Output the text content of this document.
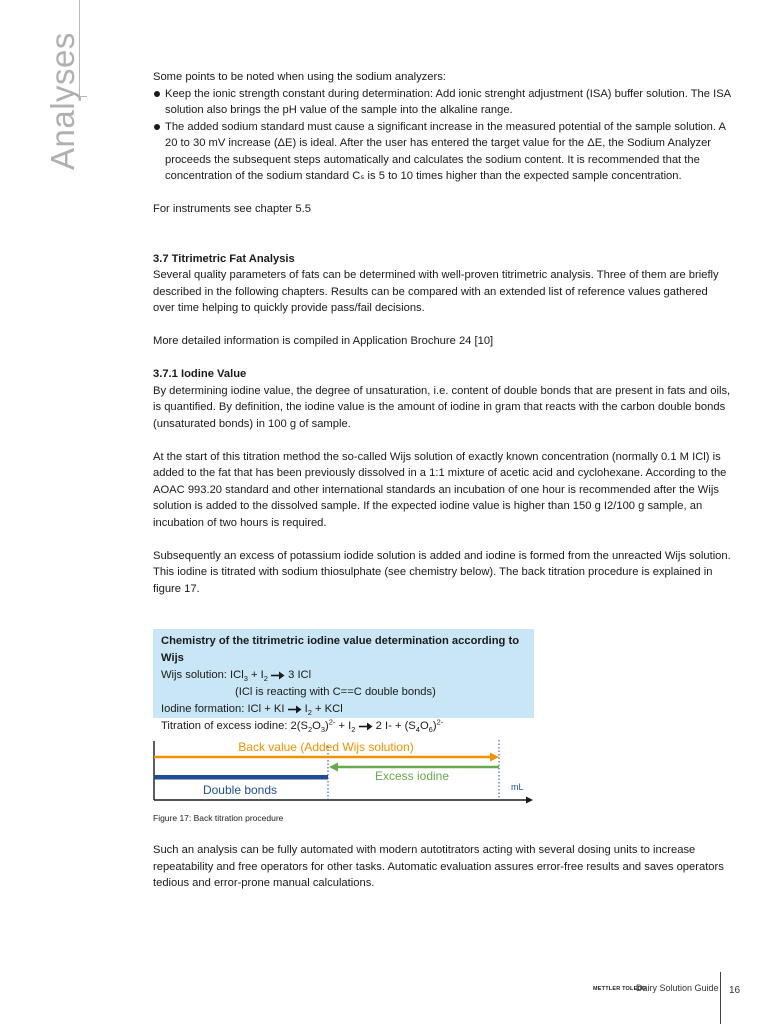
Analyses	Some points to be noted when using the sodium analyzers:

Keep the ionic strength constant during determination: Add ionic strenght adjustment (ISA) buffer solution. The ISA solution also brings the pH value of the sample into the alkaline range.
The added sodium standard must cause a significant increase in the measured potential of the sample solution. A 20 to 30 mV increase (ΔE) is ideal. After the user has entered the target value for the ΔE, the Sodium Analyzer proceeds the subsequent steps automatically and calculates the sodium content. It is recommended that the concentration of the sodium standard Cₛ is 5 to 10 times higher than the expected sample concentration.

For instruments see chapter 5.5

3.7 Titrimetric Fat Analysis

Several quality parameters of fats can be determined with well-proven titrimetric analysis. Three of them are briefly described in the following chapters. Results can be compared with an extended list of reference values gathered over time helping to quickly provide pass/fail decisions.

More detailed information is compiled in Application Brochure 24 [10]

3.7.1 Iodine Value

By determining iodine value, the degree of unsaturation, i.e. content of double bonds that are present in fats and oils, is quantified. By definition, the iodine value is the amount of iodine in gram that reacts with the carbon double bonds (unsaturated bonds) in 100 g of sample.

At the start of this titration method the so-called Wijs solution of exactly known concentration (normally 0.1 M ICl) is added to the fat that has been previously dissolved in a 1:1 mixture of acetic acid and cyclohexane. According to the AOAC 993.20 standard and other international standards an incubation of one hour is recommended after the Wijs solution is added to the dissolved sample. If the expected iodine value is higher than 150 g I2/100 g sample, an incubation of two hours is required.

Subsequently an excess of potassium iodide solution is added and iodine is formed from the unreacted Wijs solution. This iodine is titrated with sodium thiosulphate (see chemistry below). The back titration procedure is explained in figure 17.

Chemistry of the titrimetric iodine value determination according to Wijs
Wijs solution: $ICl_3 + I_2 \to 3$ ICl
(ICl is reacting with C==C double bonds)
Iodine formation: ICl + KI → $I_2$ + KCl
Titration of excess iodine: $2(S_2O_3)^{2-} + I_2 \to 2$ $I- + (S_4O_6)^{2-}$
Back value (Added Wijs solution)
Excess iodine
Double bonds	mL
Figure 17: Back titration procedure
Such an analysis can be fully automated with modern autotitrators acting with several dosing units to increase repeatability and free operators for other tasks. Automatic evaluation assures error-free results and saves operators tedious and error-prone manual calculations.
METTLER TOLEDO
Dairy Solution Guide 16
